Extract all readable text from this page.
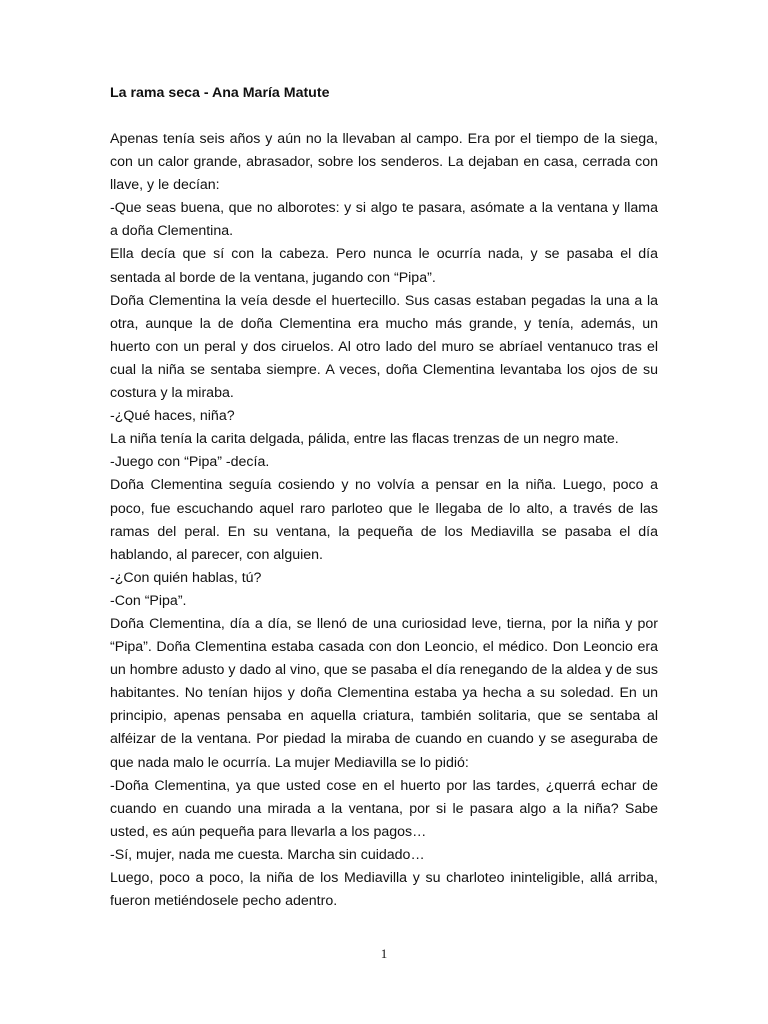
La rama seca - Ana María Matute

Apenas tenía seis años y aún no la llevaban al campo. Era por el tiempo de la siega, con un calor grande, abrasador, sobre los senderos. La dejaban en casa, cerrada con llave, y le decían:

-Que seas buena, que no alborotes: y si algo te pasara, asómate a la ventana y llama a doña Clementina.

Ella decía que sí con la cabeza. Pero nunca le ocurría nada, y se pasaba el día sentada al borde de la ventana, jugando con “Pipa”.

Doña Clementina la veía desde el huertecillo. Sus casas estaban pegadas la una a la otra, aunque la de doña Clementina era mucho más grande, y tenía, además, un huerto con un peral y dos ciruelos. Al otro lado del muro se abríael ventanuco tras el cual la niña se sentaba siempre. A veces, doña Clementina levantaba los ojos de su costura y la miraba.

-¿Qué haces, niña?

La niña tenía la carita delgada, pálida, entre las flacas trenzas de un negro mate.

-Juego con “Pipa” -decía.

Doña Clementina seguía cosiendo y no volvía a pensar en la niña. Luego, poco a poco, fue escuchando aquel raro parloteo que le llegaba de lo alto, a través de las ramas del peral. En su ventana, la pequeña de los Mediavilla se pasaba el día hablando, al parecer, con alguien.

-¿Con quién hablas, tú?

-Con “Pipa”.

Doña Clementina, día a día, se llenó de una curiosidad leve, tierna, por la niña y por “Pipa”. Doña Clementina estaba casada con don Leoncio, el médico. Don Leoncio era un hombre adusto y dado al vino, que se pasaba el día renegando de la aldea y de sus habitantes. No tenían hijos y doña Clementina estaba ya hecha a su soledad. En un principio, apenas pensaba en aquella criatura, también solitaria, que se sentaba al alféizar de la ventana. Por piedad la miraba de cuando en cuando y se aseguraba de que nada malo le ocurría. La mujer Mediavilla se lo pidió:

-Doña Clementina, ya que usted cose en el huerto por las tardes, ¿querrá echar de cuando en cuando una mirada a la ventana, por si le pasara algo a la niña? Sabe usted, es aún pequeña para llevarla a los pagos…

-Sí, mujer, nada me cuesta. Marcha sin cuidado…

Luego, poco a poco, la niña de los Mediavilla y su charloteo ininteligible, allá arriba, fueron metiéndosele pecho adentro.

1
